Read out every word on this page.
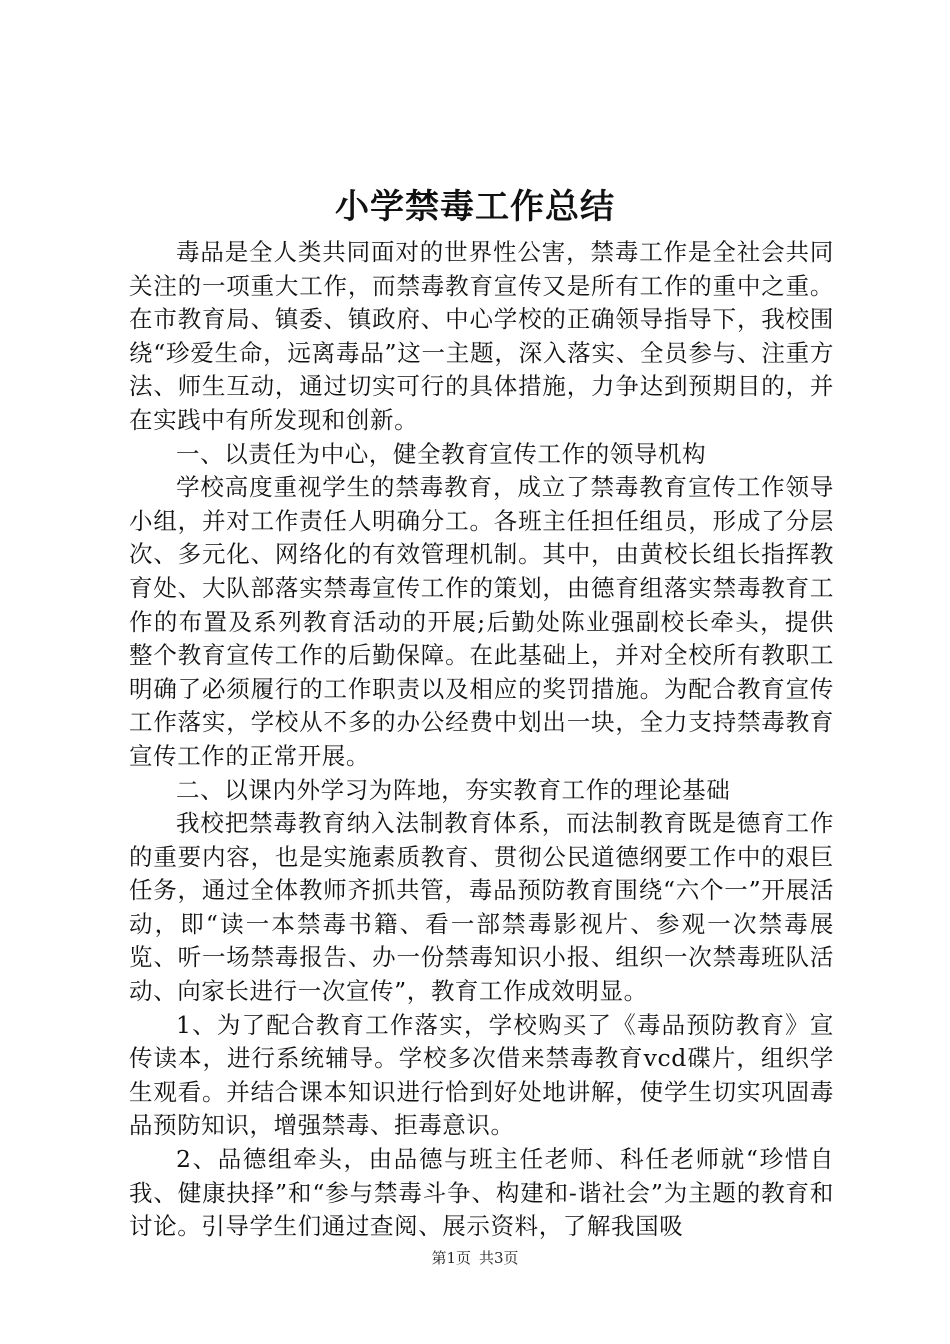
小学禁毒工作总结

毒品是全人类共同面对的世界性公害，禁毒工作是全社会共同关注的一项重大工作，而禁毒教育宣传又是所有工作的重中之重。在市教育局、镇委、镇政府、中心学校的正确领导指导下，我校围绕“珍爱生命，远离毒品”这一主题，深入落实、全员参与、注重方法、师生互动，通过切实可行的具体措施，力争达到预期目的，并在实践中有所发现和创新。

一、以责任为中心，健全教育宣传工作的领导机构

学校高度重视学生的禁毒教育，成立了禁毒教育宣传工作领导小组，并对工作责任人明确分工。各班主任担任组员，形成了分层次、多元化、网络化的有效管理机制。其中，由黄校长组长指挥教育处、大队部落实禁毒宣传工作的策划，由德育组落实禁毒教育工作的布置及系列教育活动的开展;后勤处陈业强副校长牵头，提供整个教育宣传工作的后勤保障。在此基础上，并对全校所有教职工明确了必须履行的工作职责以及相应的奖罚措施。为配合教育宣传工作落实，学校从不多的办公经费中划出一块，全力支持禁毒教育宣传工作的正常开展。

二、以课内外学习为阵地，夯实教育工作的理论基础

我校把禁毒教育纳入法制教育体系，而法制教育既是德育工作的重要内容，也是实施素质教育、贯彻公民道德纲要工作中的艰巨任务，通过全体教师齐抓共管，毒品预防教育围绕“六个一”开展活动，即“读一本禁毒书籍、看一部禁毒影视片、参观一次禁毒展览、听一场禁毒报告、办一份禁毒知识小报、组织一次禁毒班队活动、向家长进行一次宣传”，教育工作成效明显。

1、为了配合教育工作落实，学校购买了《毒品预防教育》宣传读本，进行系统辅导。学校多次借来禁毒教育vcd碟片，组织学生观看。并结合课本知识进行恰到好处地讲解，使学生切实巩固毒品预防知识，增强禁毒、拒毒意识。

2、品德组牵头，由品德与班主任老师、科任老师就“珍惜自我、健康抉择”和“参与禁毒斗争、构建和-谐社会”为主题的教育和讨论。引导学生们通过查阅、展示资料，了解我国吸

第1页 共3页
